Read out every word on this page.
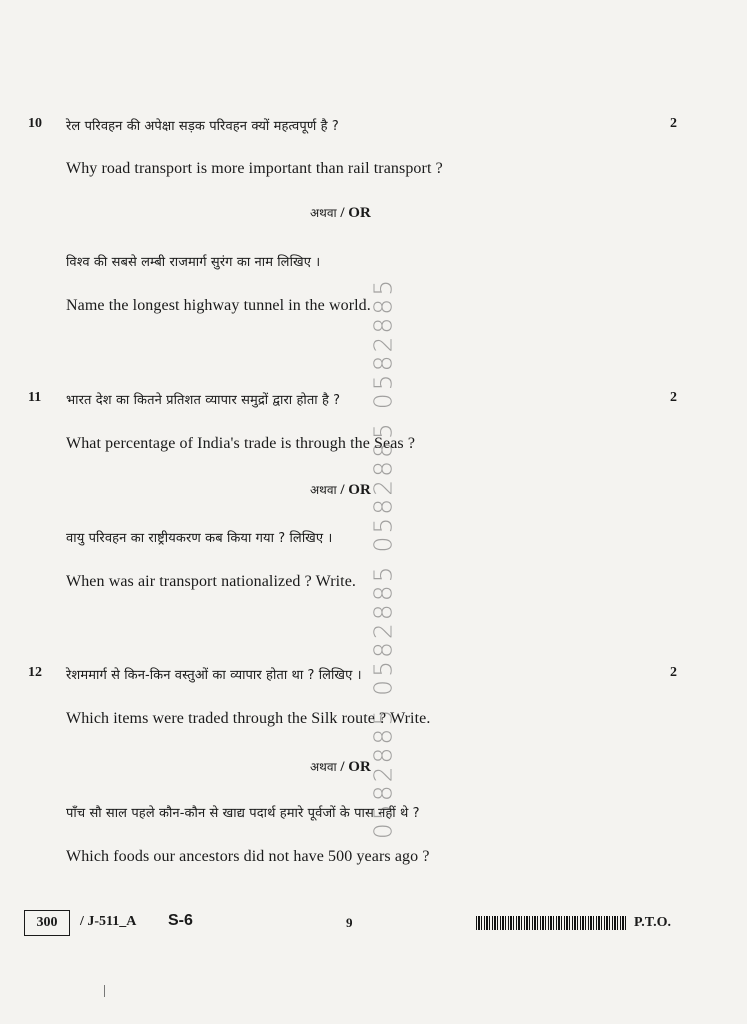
10	2
रेल परिवहन की अपेक्षा सड़क परिवहन क्यों महत्वपूर्ण है ?
Why road transport is more important than rail transport ?
अथवा / OR
विश्व की सबसे लम्बी राजमार्ग सुरंग का नाम लिखिए ।
Name the longest highway tunnel in the world.
11	2
भारत देश का कितने प्रतिशत व्यापार समुद्रों द्वारा होता है ?
What percentage of India's trade is through the Seas ?
अथवा / OR
वायु परिवहन का राष्ट्रीयकरण कब किया गया ? लिखिए ।
When was air transport nationalized ? Write.
12	2
रेशममार्ग से किन-किन वस्तुओं का व्यापार होता था ? लिखिए ।
Which items were traded through the Silk route ? Write.
अथवा / OR
पाँच सौ साल पहले कौन-कौन से खाद्य पदार्थ हमारे पूर्वजों के पास नहीं थे ?
Which foods our ancestors did not have 500 years ago ?
0582885 0582885 0582885 0582885
300	/ J-511_A S-6	9	P.T.O.
